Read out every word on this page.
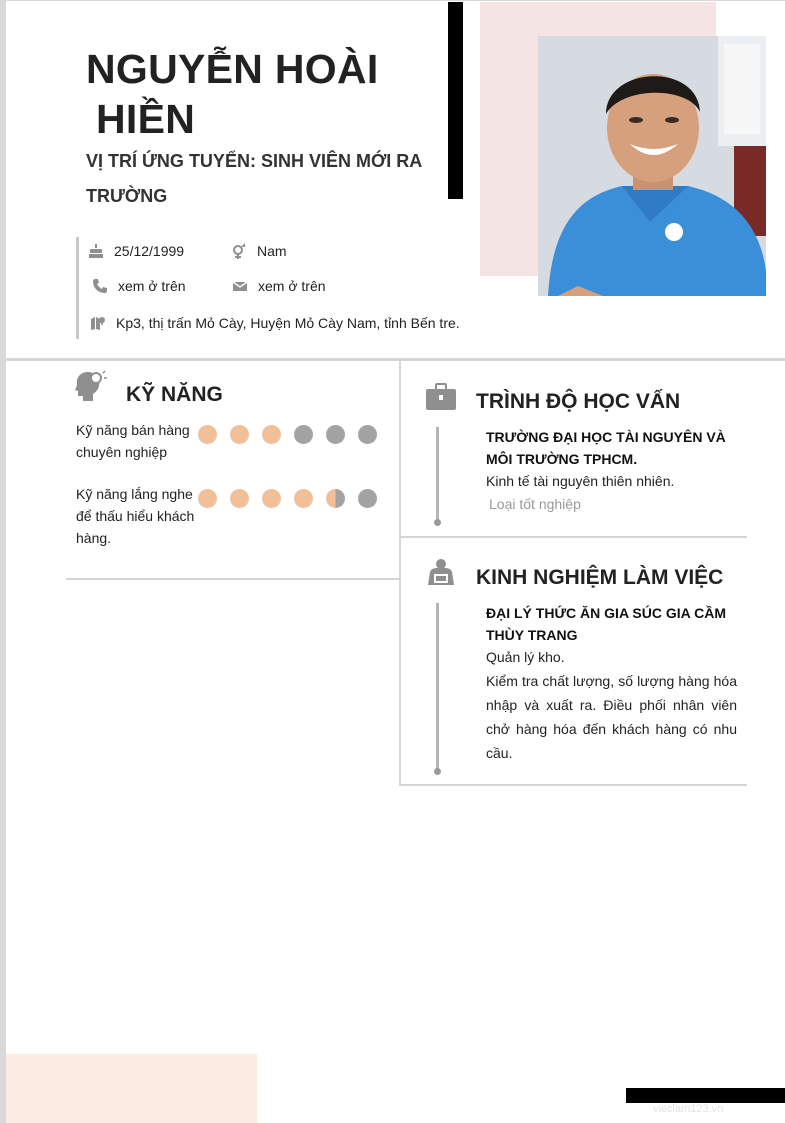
NGUYỄN HOÀI
HIỀN
VỊ TRÍ ỨNG TUYỂN: SINH VIÊN MỚI RA TRƯỜNG
25/12/1999	Nam
xem ở trên	xem ở trên
Kp3, thị trấn Mỏ Cày, Huyện Mỏ Cày Nam, tỉnh Bến tre.
KỸ NĂNG
Kỹ năng bán hàng chuyên nghiệp
Kỹ năng lắng nghe để thấu hiểu khách hàng.
TRÌNH ĐỘ HỌC VẤN
TRƯỜNG ĐẠI HỌC TÀI NGUYÊN VÀ MÔI TRƯỜNG TPHCM.
Kinh tế tài nguyên thiên nhiên.
Loại tốt nghiệp
KINH NGHIỆM LÀM VIỆC
ĐẠI LÝ THỨC ĂN GIA SÚC GIA CẦM THÙY TRANG
Quản lý kho.
Kiểm tra chất lượng, số lượng hàng hóa nhập và xuất ra. Điều phối nhân viên chở hàng hóa đến khách hàng có nhu cầu.
vieclam123.vn
